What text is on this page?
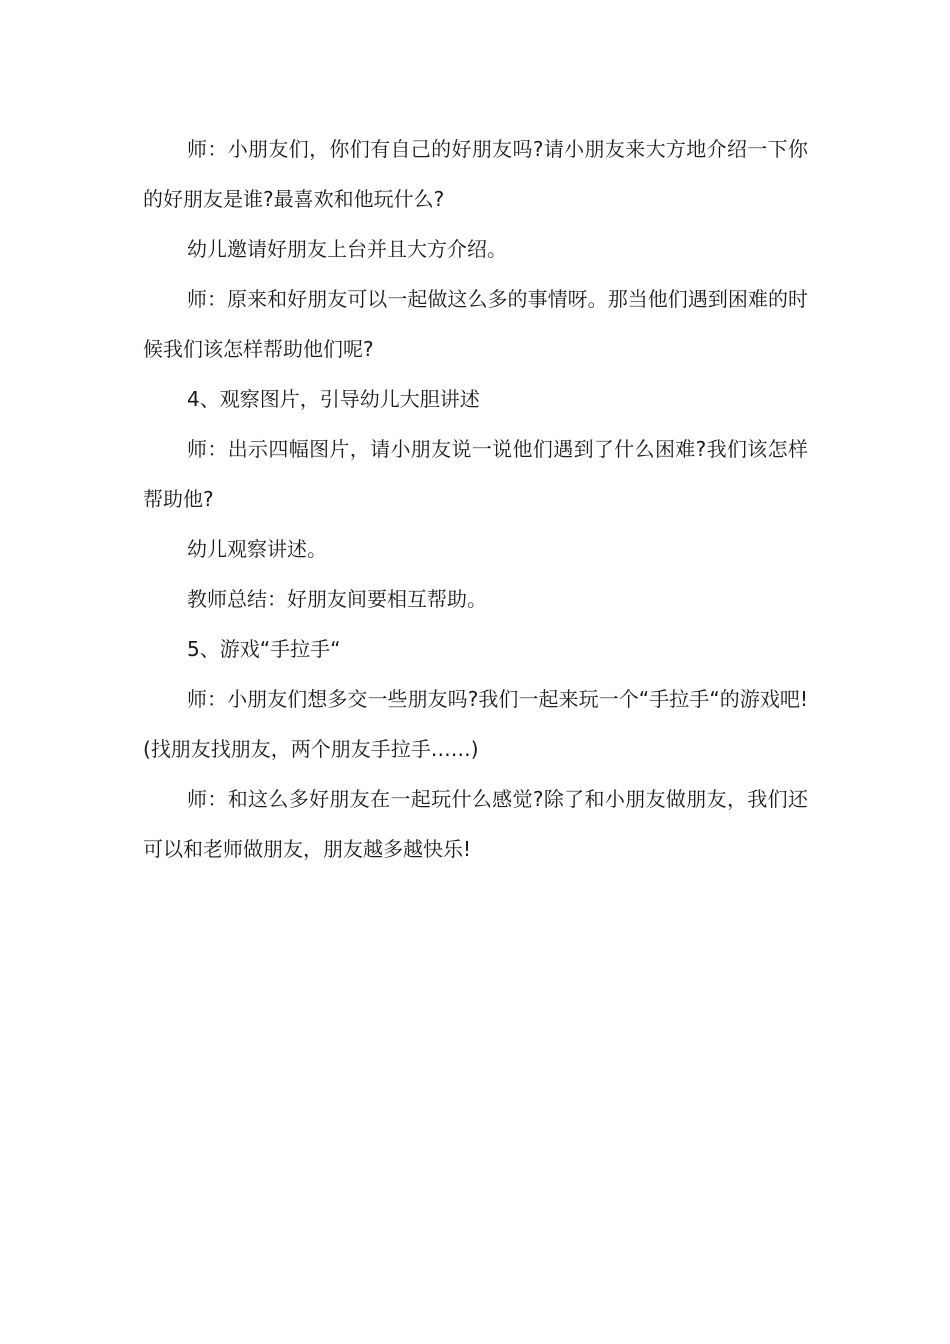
师：小朋友们，你们有自己的好朋友吗?请小朋友来大方地介绍一下你的好朋友是谁?最喜欢和他玩什么?

幼儿邀请好朋友上台并且大方介绍。

师：原来和好朋友可以一起做这么多的事情呀。那当他们遇到困难的时候我们该怎样帮助他们呢?

4、观察图片，引导幼儿大胆讲述

师：出示四幅图片，请小朋友说一说他们遇到了什么困难?我们该怎样帮助他?

幼儿观察讲述。

教师总结：好朋友间要相互帮助。

5、游戏“手拉手“

师：小朋友们想多交一些朋友吗?我们一起来玩一个“手拉手“的游戏吧!(找朋友找朋友，两个朋友手拉手……)

师：和这么多好朋友在一起玩什么感觉?除了和小朋友做朋友，我们还可以和老师做朋友，朋友越多越快乐!
